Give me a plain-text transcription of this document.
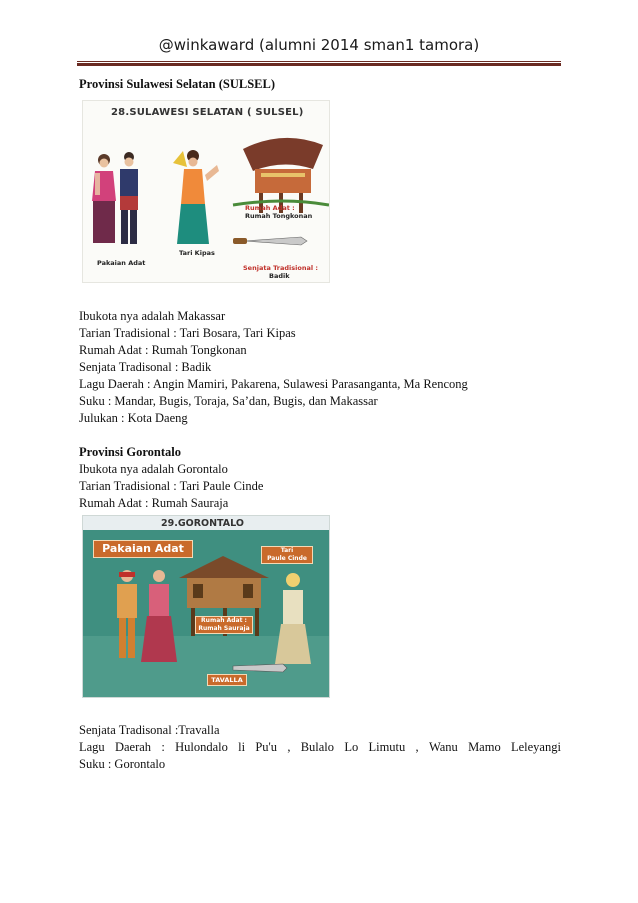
@winkaward (alumni 2014 sman1 tamora)

Provinsi Sulawesi Selatan (SULSEL)

28.SULAWESI SELATAN ( SULSEL)
Pakaian Adat
Tari Kipas
Rumah Adat :
Rumah Tongkonan
Senjata Tradisional :
Badik

Ibukota nya adalah Makassar

Tarian Tradisional : Tari Bosara, Tari Kipas

Rumah Adat : Rumah Tongkonan

Senjata Tradisonal : Badik

Lagu Daerah : Angin Mamiri, Pakarena, Sulawesi Parasanganta, Ma Rencong

Suku : Mandar, Bugis, Toraja, Sa’dan, Bugis, dan Makassar

Julukan : Kota Daeng

Provinsi Gorontalo

Ibukota nya adalah Gorontalo

Tarian Tradisional : Tari Paule Cinde

Rumah Adat : Rumah Sauraja

29.GORONTALO
Pakaian Adat	Tari
Paule Cinde
Rumah Adat :
Rumah Sauraja
TAVALLA

Senjata Tradisonal :Travalla

Lagu Daerah : Hulondalo li Pu'u , Bulalo Lo Limutu , Wanu Mamo Leleyangi

Suku : Gorontalo
